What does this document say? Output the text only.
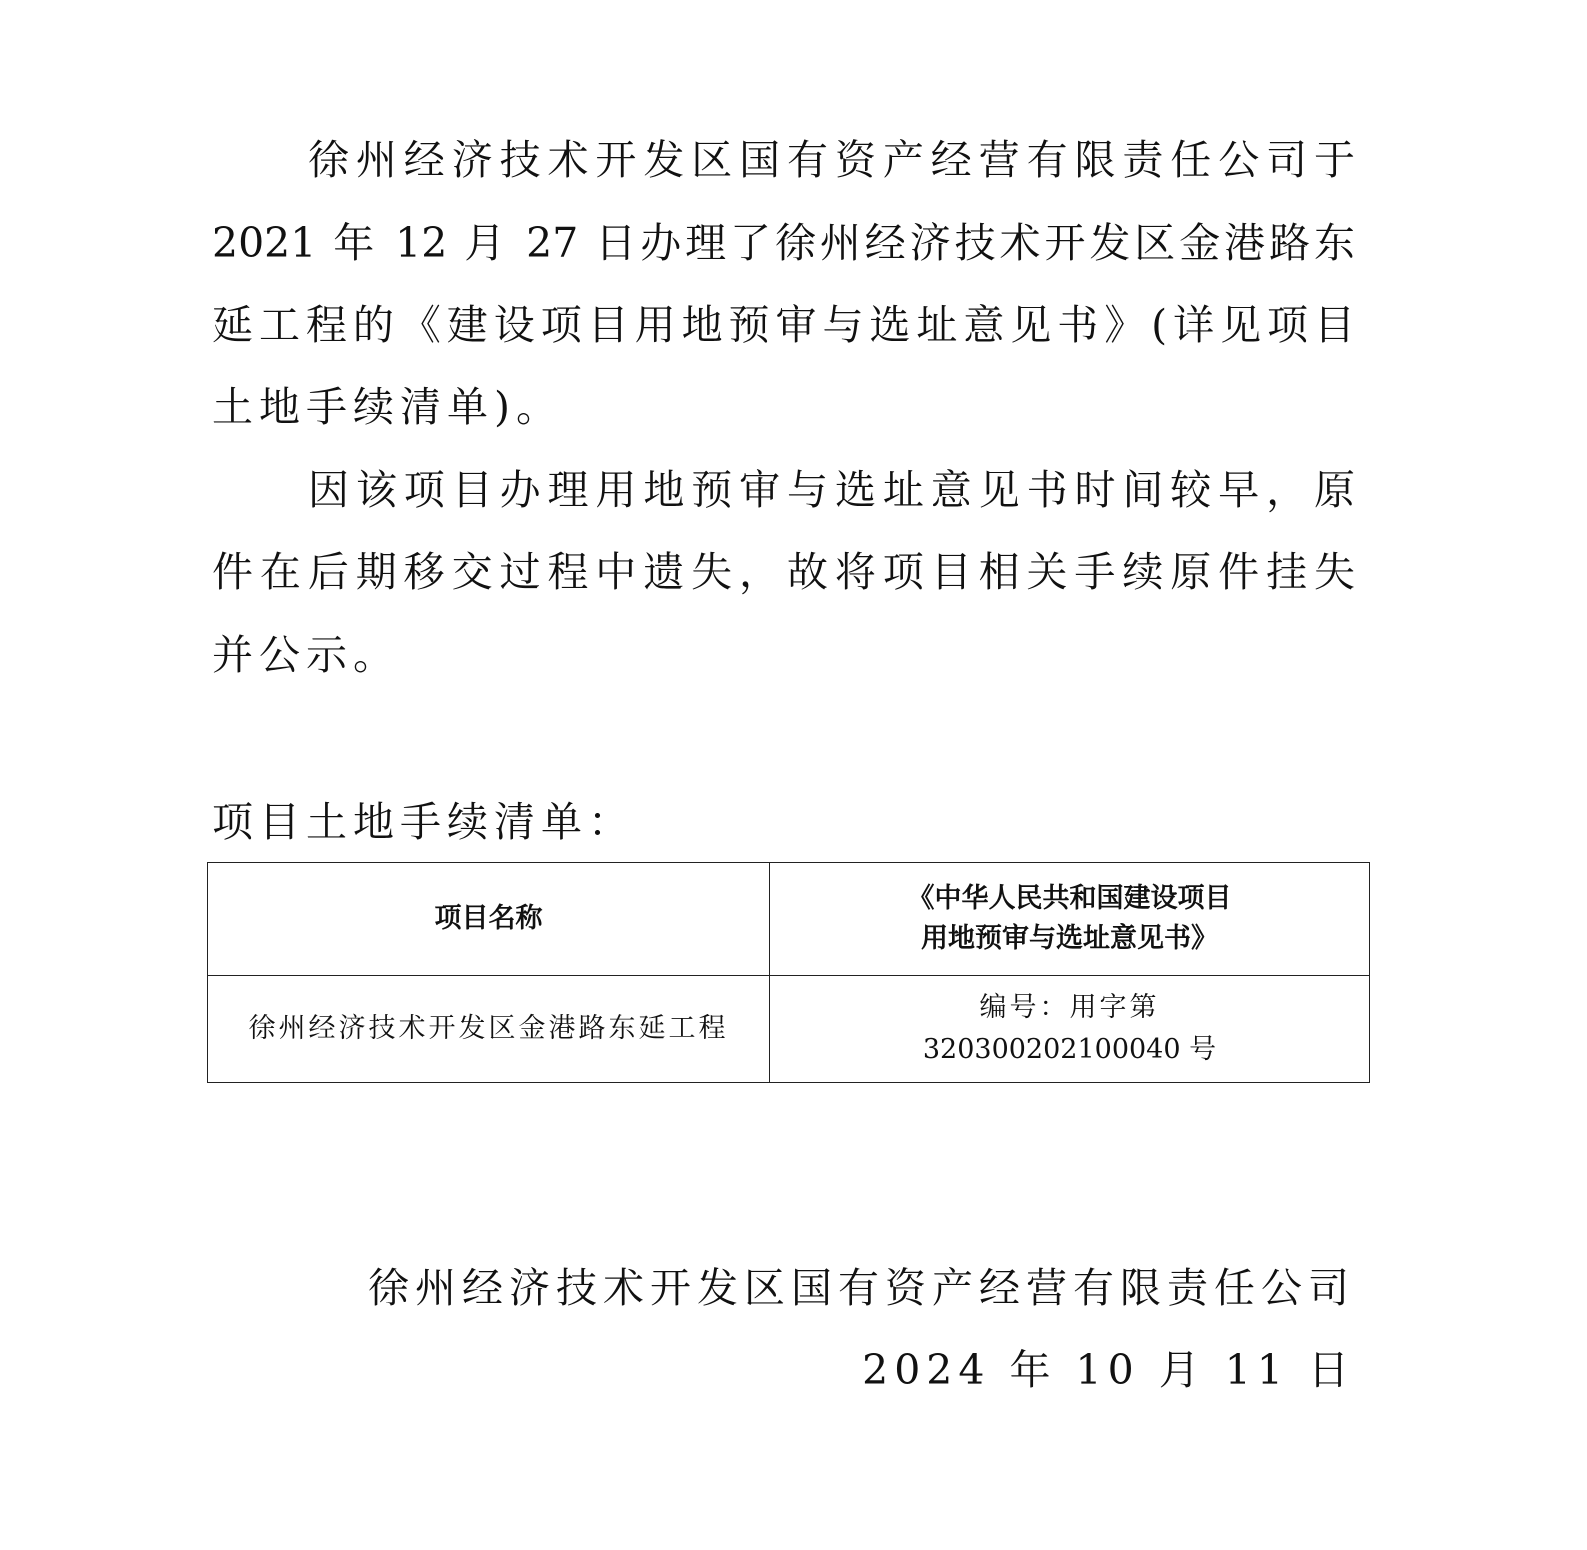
徐州经济技术开发区国有资产经营有限责任公司于
2021 年 12 月 27 日办理了徐州经济技术开发区金港路东
延工程的《建设项目用地预审与选址意见书》(详见项目
土地手续清单)。
因该项目办理用地预审与选址意见书时间较早，原
件在后期移交过程中遗失，故将项目相关手续原件挂失
并公示。
项目土地手续清单：
项目名称	《中华人民共和国建设项目
用地预审与选址意见书》

徐州经济技术开发区金港路东延工程	编号：用字第
320300202100040 号
徐州经济技术开发区国有资产经营有限责任公司
2024 年 10 月 11 日
